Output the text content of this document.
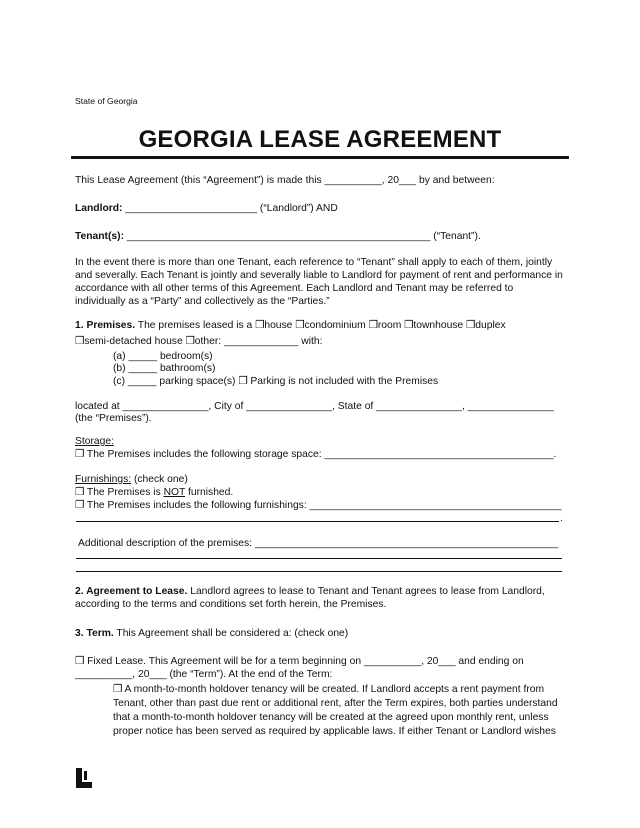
State of Georgia
GEORGIA LEASE AGREEMENT
This Lease Agreement (this “Agreement”) is made this __________, 20___ by and between:
Landlord: _______________________ (“Landlord”) AND
Tenant(s): _____________________________________________________ (“Tenant”).
In the event there is more than one Tenant, each reference to “Tenant” shall apply to each of them, jointly and severally. Each Tenant is jointly and severally liable to Landlord for payment of rent and performance in accordance with all other terms of this Agreement. Each Landlord and Tenant may be referred to individually as a “Party” and collectively as the “Parties.”
1. Premises. The premises leased is a ❒house ❒condominium ❒room ❒townhouse ❒duplex
❒semi-detached house ❒other: _____________ with:
(a) _____ bedroom(s)
(b) _____ bathroom(s)
(c) _____ parking space(s) ❒ Parking is not included with the Premises
located at _______________, City of _______________, State of _______________, _______________
(the “Premises”).
Storage:
❒ The Premises includes the following storage space: ________________________________________.
Furnishings: (check one)
❒ The Premises is NOT furnished.
❒ The Premises includes the following furnishings: ____________________________________________
.
Additional description of the premises: _____________________________________________________
2. Agreement to Lease. Landlord agrees to lease to Tenant and Tenant agrees to lease from Landlord,
according to the terms and conditions set forth herein, the Premises.
3. Term. This Agreement shall be considered a: (check one)
❒ Fixed Lease. This Agreement will be for a term beginning on __________, 20___ and ending on
__________, 20___ (the “Term”). At the end of the Term:
❒ A month-to-month holdover tenancy will be created. If Landlord accepts a rent payment from
Tenant, other than past due rent or additional rent, after the Term expires, both parties understand
that a month-to-month holdover tenancy will be created at the agreed upon monthly rent, unless
proper notice has been served as required by applicable laws. If either Tenant or Landlord wishes
